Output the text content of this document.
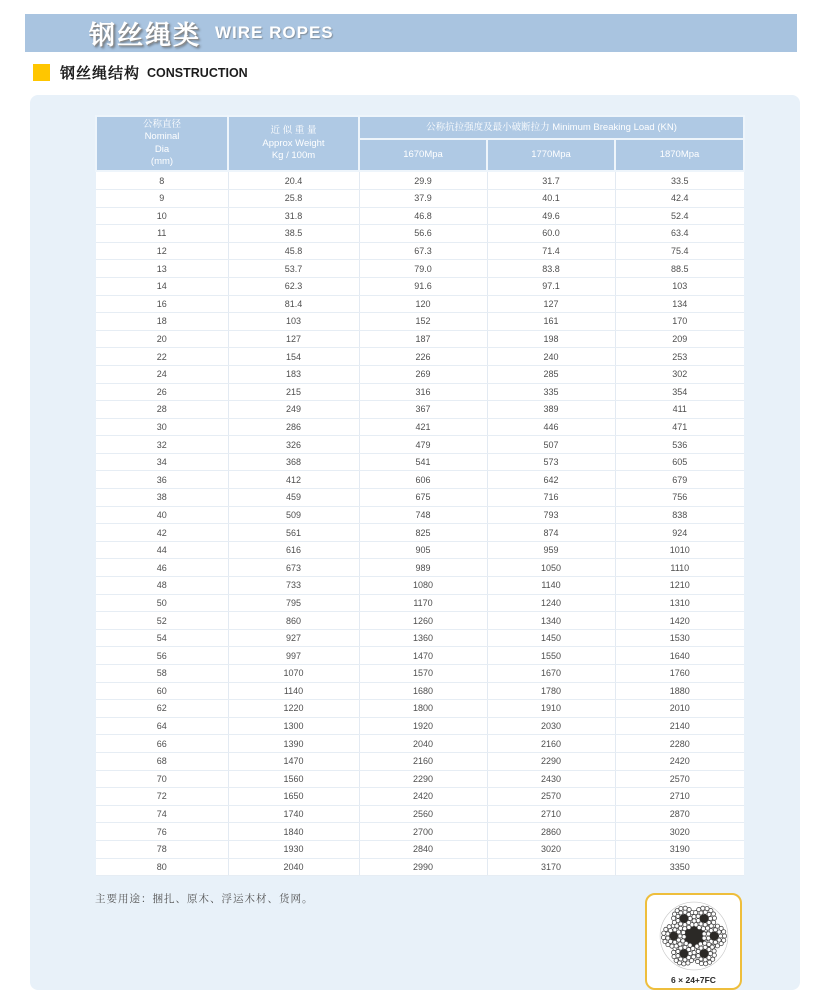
钢丝绳类 WIRE ROPES
钢丝绳结构 CONSTRUCTION
公称直径
Nominal
Dia
(mm)	近 似 重 量
Approx Weight
Kg / 100m	公称抗拉强度及最小破断拉力 Minimum Breaking Load (KN)		
		1670Mpa	1770Mpa	1870Mpa
8	20.4	29.9	31.7	33.5
9	25.8	37.9	40.1	42.4
10	31.8	46.8	49.6	52.4
11	38.5	56.6	60.0	63.4
12	45.8	67.3	71.4	75.4
13	53.7	79.0	83.8	88.5
14	62.3	91.6	97.1	103
16	81.4	120	127	134
18	103	152	161	170
20	127	187	198	209
22	154	226	240	253
24	183	269	285	302
26	215	316	335	354
28	249	367	389	411
30	286	421	446	471
32	326	479	507	536
34	368	541	573	605
36	412	606	642	679
38	459	675	716	756
40	509	748	793	838
42	561	825	874	924
44	616	905	959	1010
46	673	989	1050	1110
48	733	1080	1140	1210
50	795	1170	1240	1310
52	860	1260	1340	1420
54	927	1360	1450	1530
56	997	1470	1550	1640
58	1070	1570	1670	1760
60	1140	1680	1780	1880
62	1220	1800	1910	2010
64	1300	1920	2030	2140
66	1390	2040	2160	2280
68	1470	2160	2290	2420
70	1560	2290	2430	2570
72	1650	2420	2570	2710
74	1740	2560	2710	2870
76	1840	2700	2860	3020
78	1930	2840	3020	3190
80	2040	2990	3170	3350
主要用途：捆扎、原木、浮运木材、货网。
6 × 24+7FC
